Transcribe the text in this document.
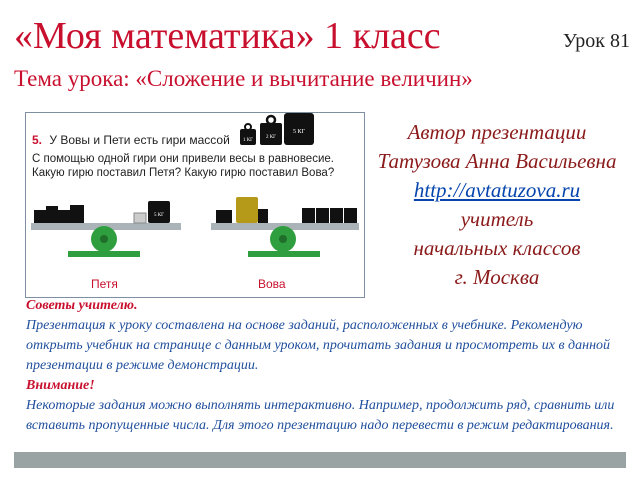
«Моя математика» 1 класс	Урок 81
Тема урока: «Сложение и вычитание величин»
5. У Вовы и Пети есть гири массой
С помощью одной гири они привели весы в равновесие.
Какую гирю поставил Петя? Какую гирю поставил Вова?
1 КГ
2 КГ
5 КГ
5 КГ
Петя	Вова
Автор презентации
Татузова Анна Васильевна
http://avtatuzova.ru
учитель
начальных классов
г. Москва
Советы учителю.
Презентация к уроку составлена на основе заданий, расположенных в учебнике. Рекомендую открыть учебник на странице с данным уроком, прочитать задания и просмотреть их в данной презентации в режиме демонстрации.
Внимание!
Некоторые задания можно выполнять интерактивно. Например, продолжить ряд, сравнить или вставить пропущенные числа. Для этого презентацию надо перевести в режим редактирования.
